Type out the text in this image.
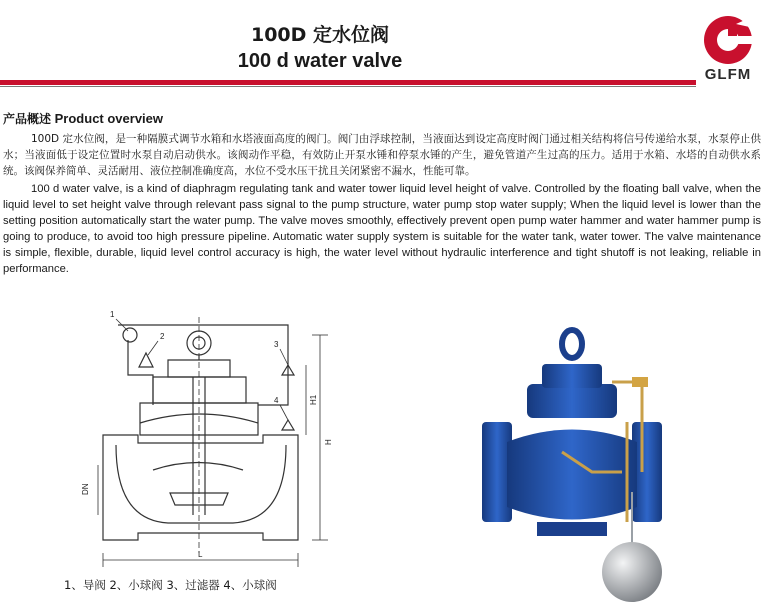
100D 定水位阀
100 d water valve
GLFM
产品概述 Product overview

100D 定水位阀，是一种隔膜式调节水箱和水塔液面高度的阀门。阀门由浮球控制，当液面达到设定高度时阀门通过相关结构将信号传递给水泵，水泵停止供水；当液面低于设定位置时水泵自动启动供水。该阀动作平稳，有效防止开泵水锤和停泵水锤的产生，避免管道产生过高的压力。适用于水箱、水塔的自动供水系统。该阀保养简单、灵活耐用、液位控制准确度高，水位不受水压干扰且关闭紧密不漏水，性能可靠。

100 d water valve, is a kind of diaphragm regulating tank and water tower liquid level height of valve. Controlled by the floating ball valve, when the liquid level to set height valve through relevant pass signal to the pump structure, water pump stop water supply; When the liquid level is lower than the setting position automatically start the water pump. The valve moves smoothly, effectively prevent open pump water hammer and water hammer pump is going to produce, to avoid too high pressure pipeline. Automatic water supply system is suitable for the water tank, water tower. The valve maintenance is simple, flexible, durable, liquid level control accuracy is high, the water level without hydraulic interference and tight shutoff is not leaking, reliable in performance.

1
2
3
4
DN
H
H1
L
1、导阀 2、小球阀 3、过滤器 4、小球阀
